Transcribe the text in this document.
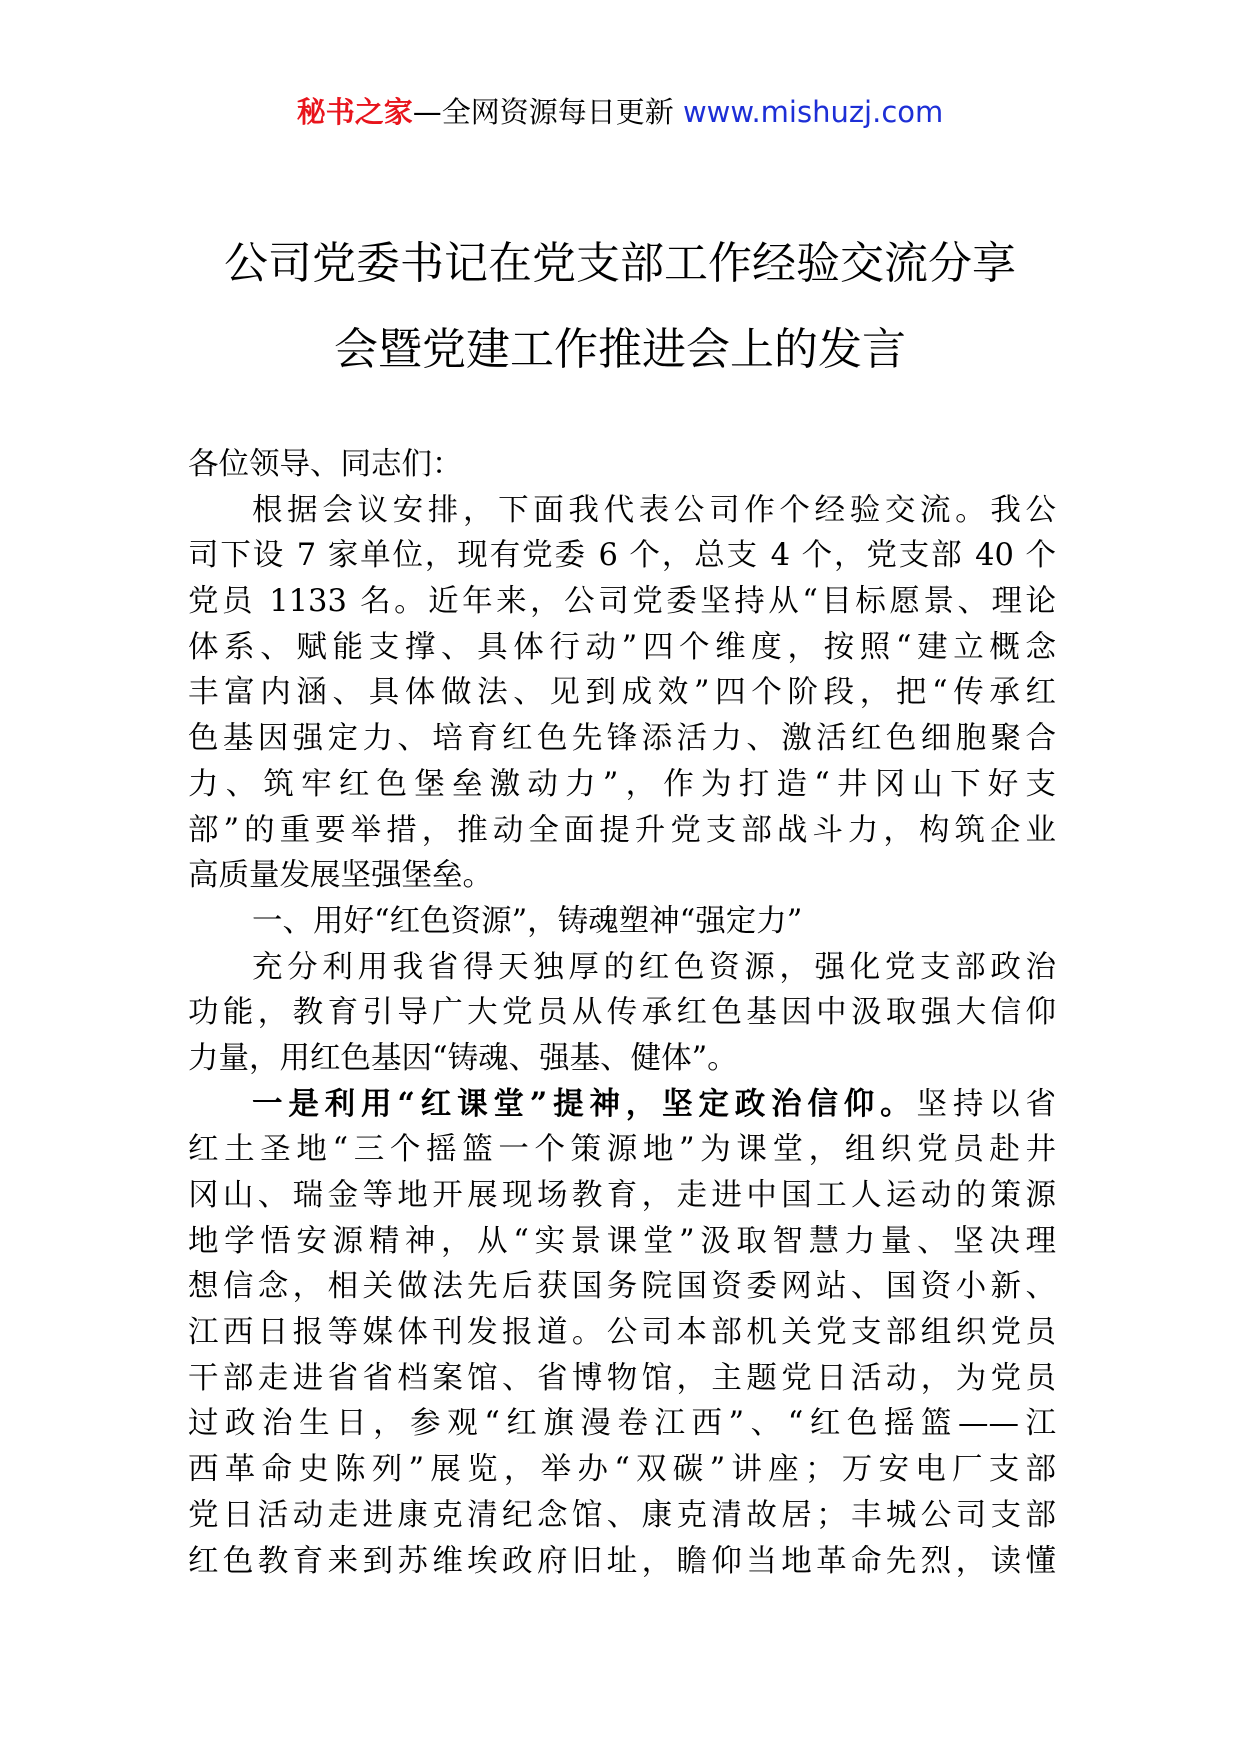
秘书之家—全网资源每日更新 www.mishuzj.com
公司党委书记在党支部工作经验交流分享
会暨党建工作推进会上的发言
各位领导、同志们：
根据会议安排，下面我代表公司作个经验交流。我公
司下设 7 家单位，现有党委 6 个，总支 4 个，党支部 40 个
党员 1133 名。近年来，公司党委坚持从“目标愿景、理论
体系、赋能支撑、具体行动”四个维度，按照“建立概念
丰富内涵、具体做法、见到成效”四个阶段，把“传承红
色基因强定力、培育红色先锋添活力、激活红色细胞聚合
力、筑牢红色堡垒激动力”，作为打造“井冈山下好支
部”的重要举措，推动全面提升党支部战斗力，构筑企业
高质量发展坚强堡垒。
一、用好“红色资源”，铸魂塑神“强定力”
充分利用我省得天独厚的红色资源，强化党支部政治
功能，教育引导广大党员从传承红色基因中汲取强大信仰
力量，用红色基因“铸魂、强基、健体”。
一是利用“红课堂”提神，坚定政治信仰。坚持以省
红土圣地“三个摇篮一个策源地”为课堂，组织党员赴井
冈山、瑞金等地开展现场教育，走进中国工人运动的策源
地学悟安源精神，从“实景课堂”汲取智慧力量、坚决理
想信念，相关做法先后获国务院国资委网站、国资小新、
江西日报等媒体刊发报道。公司本部机关党支部组织党员
干部走进省省档案馆、省博物馆，主题党日活动，为党员
过政治生日，参观“红旗漫卷江西”、“红色摇篮——江
西革命史陈列”展览，举办“双碳”讲座；万安电厂支部
党日活动走进康克清纪念馆、康克清故居；丰城公司支部
红色教育来到苏维埃政府旧址，瞻仰当地革命先烈，读懂
